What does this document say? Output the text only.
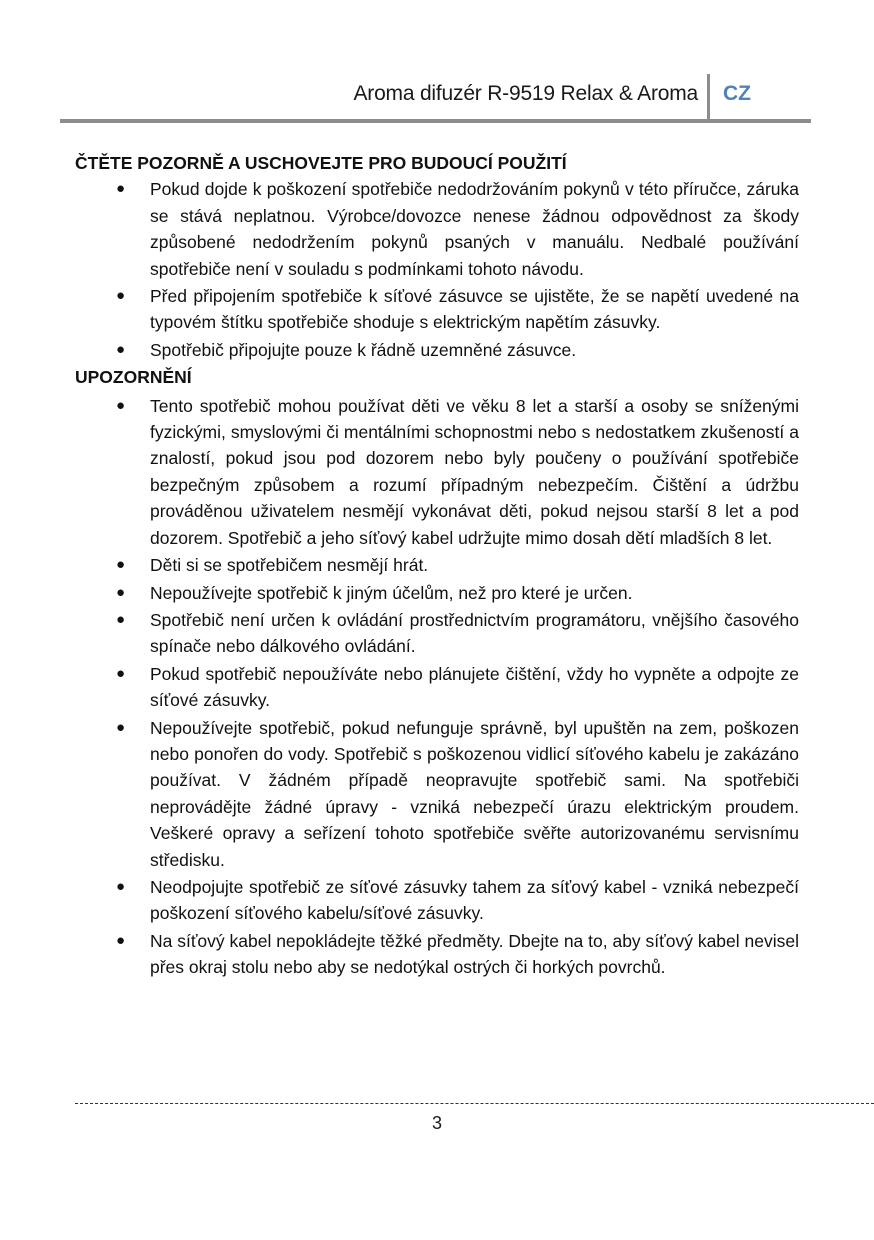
Aroma difuzér R-9519 Relax & Aroma CZ
ČTĚTE POZORNĚ A USCHOVEJTE PRO BUDOUCÍ POUŽITÍ
● Pokud dojde k poškození spotřebiče nedodržováním pokynů v této příručce, záruka se stává neplatnou. Výrobce/dovozce nenese žádnou odpovědnost za škody způsobené nedodržením pokynů psaných v manuálu. Nedbalé používání spotřebiče není v souladu s podmínkami tohoto návodu.
● Před připojením spotřebiče k síťové zásuvce se ujistěte, že se napětí uvedené na typovém štítku spotřebiče shoduje s elektrickým napětím zásuvky.
● Spotřebič připojujte pouze k řádně uzemněné zásuvce.
UPOZORNĚNÍ
● Tento spotřebič mohou používat děti ve věku 8 let a starší a osoby se sníženými fyzickými, smyslovými či mentálními schopnostmi nebo s nedostatkem zkušeností a znalostí, pokud jsou pod dozorem nebo byly poučeny o používání spotřebiče bezpečným způsobem a rozumí případným nebezpečím. Čištění a údržbu prováděnou uživatelem nesmějí vykonávat děti, pokud nejsou starší 8 let a pod dozorem. Spotřebič a jeho síťový kabel udržujte mimo dosah dětí mladších 8 let.
● Děti si se spotřebičem nesmějí hrát.
● Nepoužívejte spotřebič k jiným účelům, než pro které je určen.
● Spotřebič není určen k ovládání prostřednictvím programátoru, vnějšího časového spínače nebo dálkového ovládání.
● Pokud spotřebič nepoužíváte nebo plánujete čištění, vždy ho vypněte a odpojte ze síťové zásuvky.
● Nepoužívejte spotřebič, pokud nefunguje správně, byl upuštěn na zem, poškozen nebo ponořen do vody. Spotřebič s poškozenou vidlicí síťového kabelu je zakázáno používat. V žádném případě neopravujte spotřebič sami. Na spotřebiči neprovádějte žádné úpravy - vzniká nebezpečí úrazu elektrickým proudem. Veškeré opravy a seřízení tohoto spotřebiče svěřte autorizovanému servisnímu středisku.
● Neodpojujte spotřebič ze síťové zásuvky tahem za síťový kabel - vzniká nebezpečí poškození síťového kabelu/síťové zásuvky.
● Na síťový kabel nepokládejte těžké předměty. Dbejte na to, aby síťový kabel nevisel přes okraj stolu nebo aby se nedotýkal ostrých či horkých povrchů.
3
